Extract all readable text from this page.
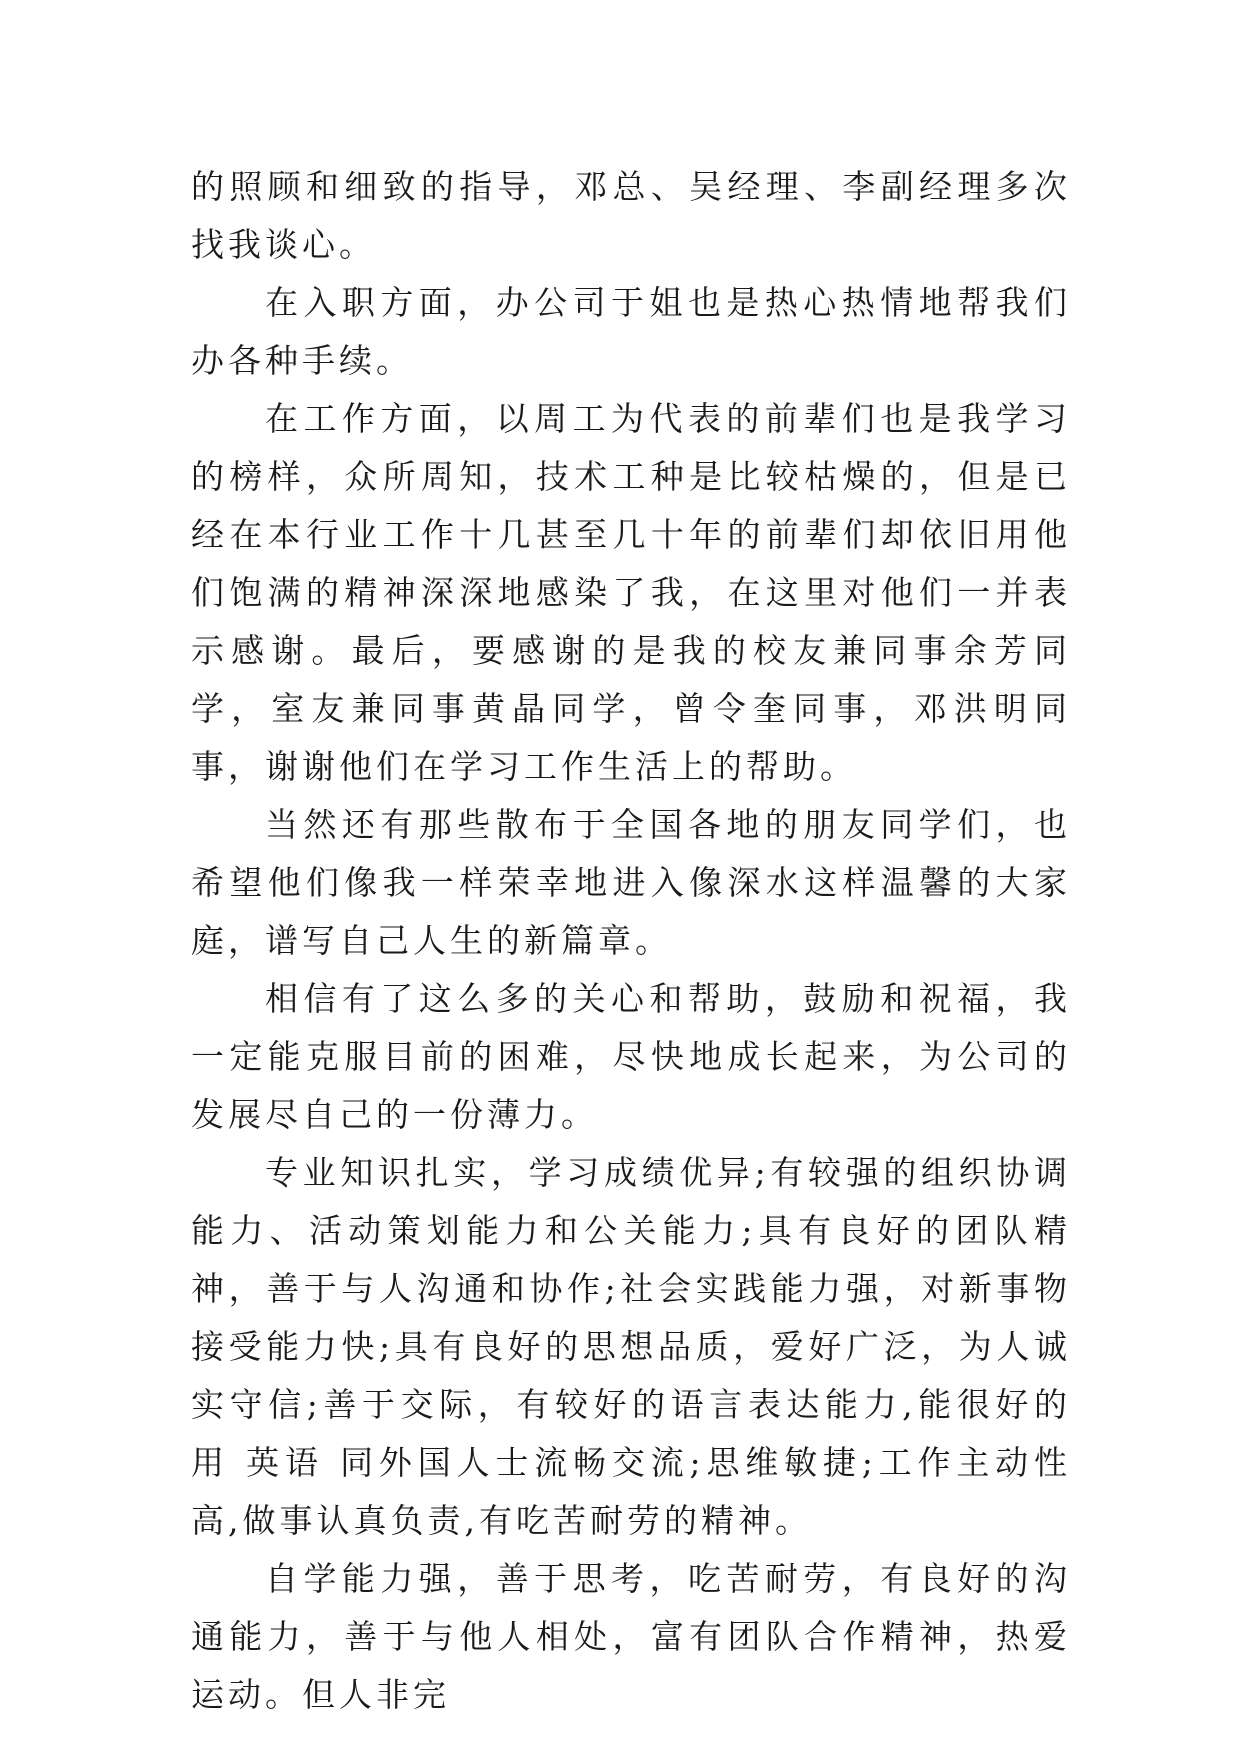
的照顾和细致的指导，邓总、吴经理、李副经理多次找我谈心。

在入职方面，办公司于姐也是热心热情地帮我们办各种手续。

在工作方面，以周工为代表的前辈们也是我学习的榜样，众所周知，技术工种是比较枯燥的，但是已经在本行业工作十几甚至几十年的前辈们却依旧用他们饱满的精神深深地感染了我，在这里对他们一并表示感谢。最后，要感谢的是我的校友兼同事余芳同学，室友兼同事黄晶同学，曾令奎同事，邓洪明同事，谢谢他们在学习工作生活上的帮助。

当然还有那些散布于全国各地的朋友同学们，也希望他们像我一样荣幸地进入像深水这样温馨的大家庭，谱写自己人生的新篇章。

相信有了这么多的关心和帮助，鼓励和祝福，我一定能克服目前的困难，尽快地成长起来，为公司的发展尽自己的一份薄力。

专业知识扎实，学习成绩优异;有较强的组织协调能力、活动策划能力和公关能力;具有良好的团队精神，善于与人沟通和协作;社会实践能力强，对新事物接受能力快;具有良好的思想品质，爱好广泛，为人诚实守信;善于交际，有较好的语言表达能力,能很好的用 英语 同外国人士流畅交流;思维敏捷;工作主动性高,做事认真负责,有吃苦耐劳的精神。

自学能力强，善于思考，吃苦耐劳，有良好的沟通能力，善于与他人相处，富有团队合作精神，热爱运动。但人非完
